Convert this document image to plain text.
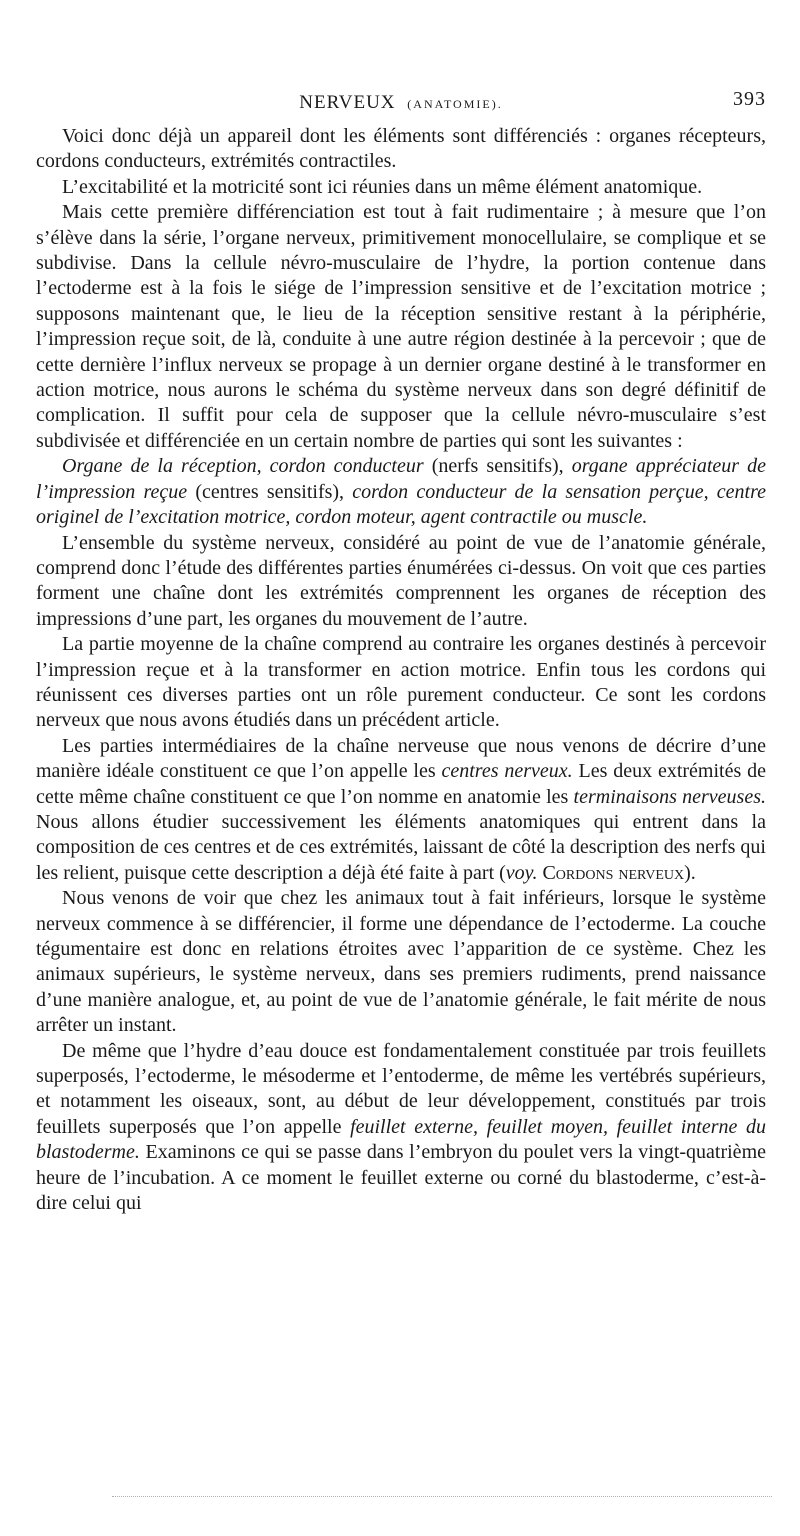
NERVEUX (ANATOMIE).	393

Voici donc déjà un appareil dont les éléments sont différenciés : organes récepteurs, cordons conducteurs, extrémités contractiles.

L’excitabilité et la motricité sont ici réunies dans un même élément anatomique.

Mais cette première différenciation est tout à fait rudimentaire ; à mesure que l’on s’élève dans la série, l’organe nerveux, primitivement monocellulaire, se complique et se subdivise. Dans la cellule névro-musculaire de l’hydre, la portion contenue dans l’ectoderme est à la fois le siége de l’impression sensitive et de l’excitation motrice ; supposons maintenant que, le lieu de la réception sensitive restant à la périphérie, l’impression reçue soit, de là, conduite à une autre région destinée à la percevoir ; que de cette dernière l’influx nerveux se propage à un dernier organe destiné à le transformer en action motrice, nous aurons le schéma du système nerveux dans son degré définitif de complication. Il suffit pour cela de supposer que la cellule névro-musculaire s’est subdivisée et différenciée en un certain nombre de parties qui sont les suivantes :

Organe de la réception, cordon conducteur (nerfs sensitifs), organe appréciateur de l’impression reçue (centres sensitifs), cordon conducteur de la sensation perçue, centre originel de l’excitation motrice, cordon moteur, agent contractile ou muscle.

L’ensemble du système nerveux, considéré au point de vue de l’anatomie générale, comprend donc l’étude des différentes parties énumérées ci-dessus. On voit que ces parties forment une chaîne dont les extrémités comprennent les organes de réception des impressions d’une part, les organes du mouvement de l’autre.

La partie moyenne de la chaîne comprend au contraire les organes destinés à percevoir l’impression reçue et à la transformer en action motrice. Enfin tous les cordons qui réunissent ces diverses parties ont un rôle purement conducteur. Ce sont les cordons nerveux que nous avons étudiés dans un précédent article.

Les parties intermédiaires de la chaîne nerveuse que nous venons de décrire d’une manière idéale constituent ce que l’on appelle les centres nerveux. Les deux extrémités de cette même chaîne constituent ce que l’on nomme en anatomie les terminaisons nerveuses. Nous allons étudier successivement les éléments anatomiques qui entrent dans la composition de ces centres et de ces extrémités, laissant de côté la description des nerfs qui les relient, puisque cette description a déjà été faite à part (voy. Cordons nerveux).

Nous venons de voir que chez les animaux tout à fait inférieurs, lorsque le système nerveux commence à se différencier, il forme une dépendance de l’ectoderme. La couche tégumentaire est donc en relations étroites avec l’apparition de ce système. Chez les animaux supérieurs, le système nerveux, dans ses premiers rudiments, prend naissance d’une manière analogue, et, au point de vue de l’anatomie générale, le fait mérite de nous arrêter un instant.

De même que l’hydre d’eau douce est fondamentalement constituée par trois feuillets superposés, l’ectoderme, le mésoderme et l’entoderme, de même les vertébrés supérieurs, et notamment les oiseaux, sont, au début de leur développement, constitués par trois feuillets superposés que l’on appelle feuillet externe, feuillet moyen, feuillet interne du blastoderme. Examinons ce qui se passe dans l’embryon du poulet vers la vingt-quatrième heure de l’incubation. A ce moment le feuillet externe ou corné du blastoderme, c’est-à-dire celui qui
